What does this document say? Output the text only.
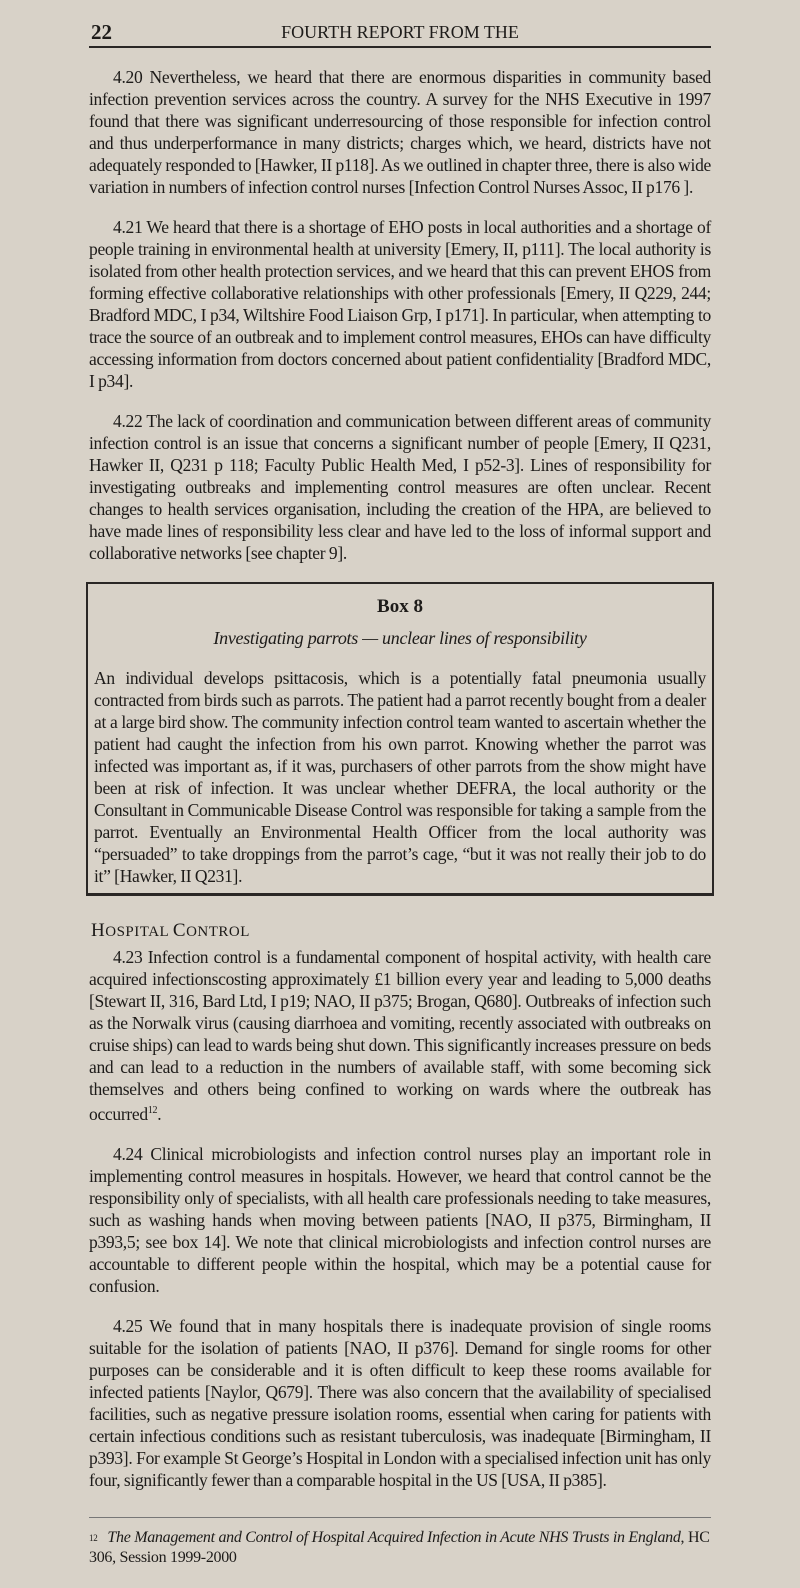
22	FOURTH REPORT FROM THE

4.20 Nevertheless, we heard that there are enormous disparities in community based infection prevention services across the country. A survey for the NHS Executive in 1997 found that there was significant underresourcing of those responsible for infection control and thus underperformance in many districts; charges which, we heard, districts have not adequately responded to [Hawker, II p118]. As we outlined in chapter three, there is also wide variation in numbers of infection control nurses [Infection Control Nurses Assoc, II p176 ].

4.21 We heard that there is a shortage of EHO posts in local authorities and a shortage of people training in environmental health at university [Emery, II, p111]. The local authority is isolated from other health protection services, and we heard that this can prevent EHOS from forming effective collaborative relationships with other professionals [Emery, II Q229, 244; Bradford MDC, I p34, Wiltshire Food Liaison Grp, I p171]. In particular, when attempting to trace the source of an outbreak and to implement control measures, EHOs can have difficulty accessing information from doctors concerned about patient confidentiality [Bradford MDC, I p34].

4.22 The lack of coordination and communication between different areas of community infection control is an issue that concerns a significant number of people [Emery, II Q231, Hawker II, Q231 p 118; Faculty Public Health Med, I p52-3]. Lines of responsibility for investigating outbreaks and implementing control measures are often unclear. Recent changes to health services organisation, including the creation of the HPA, are believed to have made lines of responsibility less clear and have led to the loss of informal support and collaborative networks [see chapter 9].

Box 8
Investigating parrots — unclear lines of responsibility
An individual develops psittacosis, which is a potentially fatal pneumonia usually contracted from birds such as parrots. The patient had a parrot recently bought from a dealer at a large bird show. The community infection control team wanted to ascertain whether the patient had caught the infection from his own parrot. Knowing whether the parrot was infected was important as, if it was, purchasers of other parrots from the show might have been at risk of infection. It was unclear whether DEFRA, the local authority or the Consultant in Communicable Disease Control was responsible for taking a sample from the parrot. Eventually an Environmental Health Officer from the local authority was “persuaded” to take droppings from the parrot’s cage, “but it was not really their job to do it” [Hawker, II Q231].
HOSPITAL CONTROL

4.23 Infection control is a fundamental component of hospital activity, with health care acquired infectionscosting approximately £1 billion every year and leading to 5,000 deaths [Stewart II, 316, Bard Ltd, I p19; NAO, II p375; Brogan, Q680]. Outbreaks of infection such as the Norwalk virus (causing diarrhoea and vomiting, recently associated with outbreaks on cruise ships) can lead to wards being shut down. This significantly increases pressure on beds and can lead to a reduction in the numbers of available staff, with some becoming sick themselves and others being confined to working on wards where the outbreak has occurred$^{12}$.

4.24 Clinical microbiologists and infection control nurses play an important role in implementing control measures in hospitals. However, we heard that control cannot be the responsibility only of specialists, with all health care professionals needing to take measures, such as washing hands when moving between patients [NAO, II p375, Birmingham, II p393,5; see box 14]. We note that clinical microbiologists and infection control nurses are accountable to different people within the hospital, which may be a potential cause for confusion.

4.25 We found that in many hospitals there is inadequate provision of single rooms suitable for the isolation of patients [NAO, II p376]. Demand for single rooms for other purposes can be considerable and it is often difficult to keep these rooms available for infected patients [Naylor, Q679]. There was also concern that the availability of specialised facilities, such as negative pressure isolation rooms, essential when caring for patients with certain infectious conditions such as resistant tuberculosis, was inadequate [Birmingham, II p393]. For example St George’s Hospital in London with a specialised infection unit has only four, significantly fewer than a comparable hospital in the US [USA, II p385].

$^{12}$ The Management and Control of Hospital Acquired Infection in Acute NHS Trusts in England, HC 306, Session 1999-2000
